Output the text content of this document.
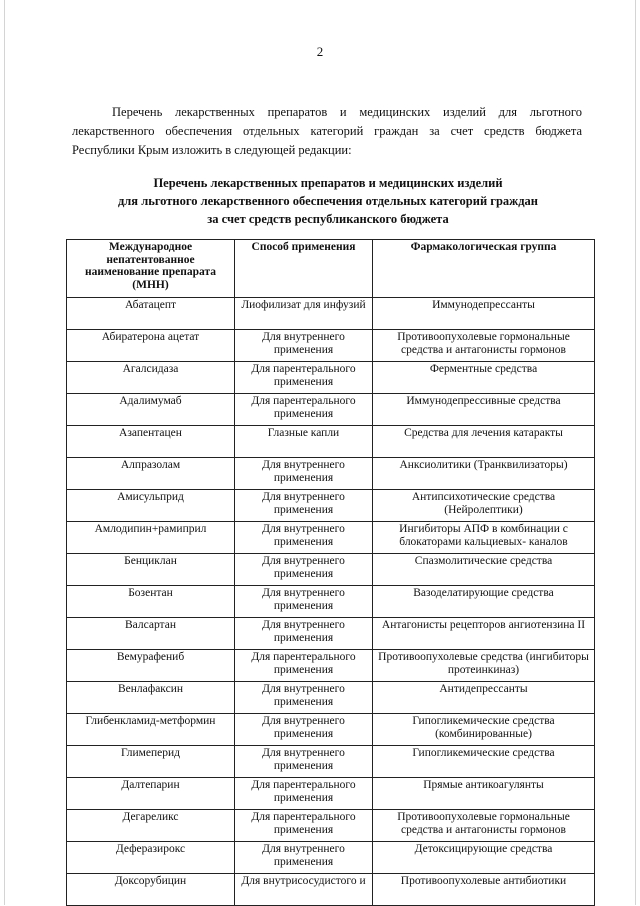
2

Перечень лекарственных препаратов и медицинских изделий для льготного лекарственного обеспечения отдельных категорий граждан за счет средств бюджета Республики Крым изложить в следующей редакции:

Перечень лекарственных препаратов и медицинских изделий
для льготного лекарственного обеспечения отдельных категорий граждан
за счет средств республиканского бюджета
Международное непатентованное наименование препарата (МНН)	Способ применения	Фармакологическая группа
Абатацепт	Лиофилизат для инфузий	Иммунодепрессанты
Абиратерона ацетат	Для внутреннего применения	Противоопухолевые гормональные средства и антагонисты гормонов
Агалсидаза	Для парентерального применения	Ферментные средства
Адалимумаб	Для парентерального применения	Иммунодепрессивные средства
Азапентацен	Глазные капли	Средства для лечения катаракты
Алпразолам	Для внутреннего применения	Анксиолитики (Транквилизаторы)
Амисульприд	Для внутреннего применения	Антипсихотические средства (Нейролептики)
Амлодипин+рамиприл	Для внутреннего применения	Ингибиторы АПФ в комбинации с блокаторами кальциевых- каналов
Бенциклан	Для внутреннего применения	Спазмолитические средства
Бозентан	Для внутреннего применения	Вазоделатирующие средства
Валсартан	Для внутреннего применения	Антагонисты рецепторов ангиотензина II
Вемурафениб	Для парентерального применения	Противоопухолевые средства (ингибиторы протеинкиназ)
Венлафаксин	Для внутреннего применения	Антидепрессанты
Глибенкламид-метформин	Для внутреннего применения	Гипогликемические средства (комбинированные)
Глимеперид	Для внутреннего применения	Гипогликемические средства
Далтепарин	Для парентерального применения	Прямые антикоагулянты
Дегареликс	Для парентерального применения	Противоопухолевые гормональные средства и антагонисты гормонов
Деферазирокс	Для внутреннего применения	Детоксицирующие средства
Доксорубицин	Для внутрисосудистого и	Противоопухолевые антибиотики
